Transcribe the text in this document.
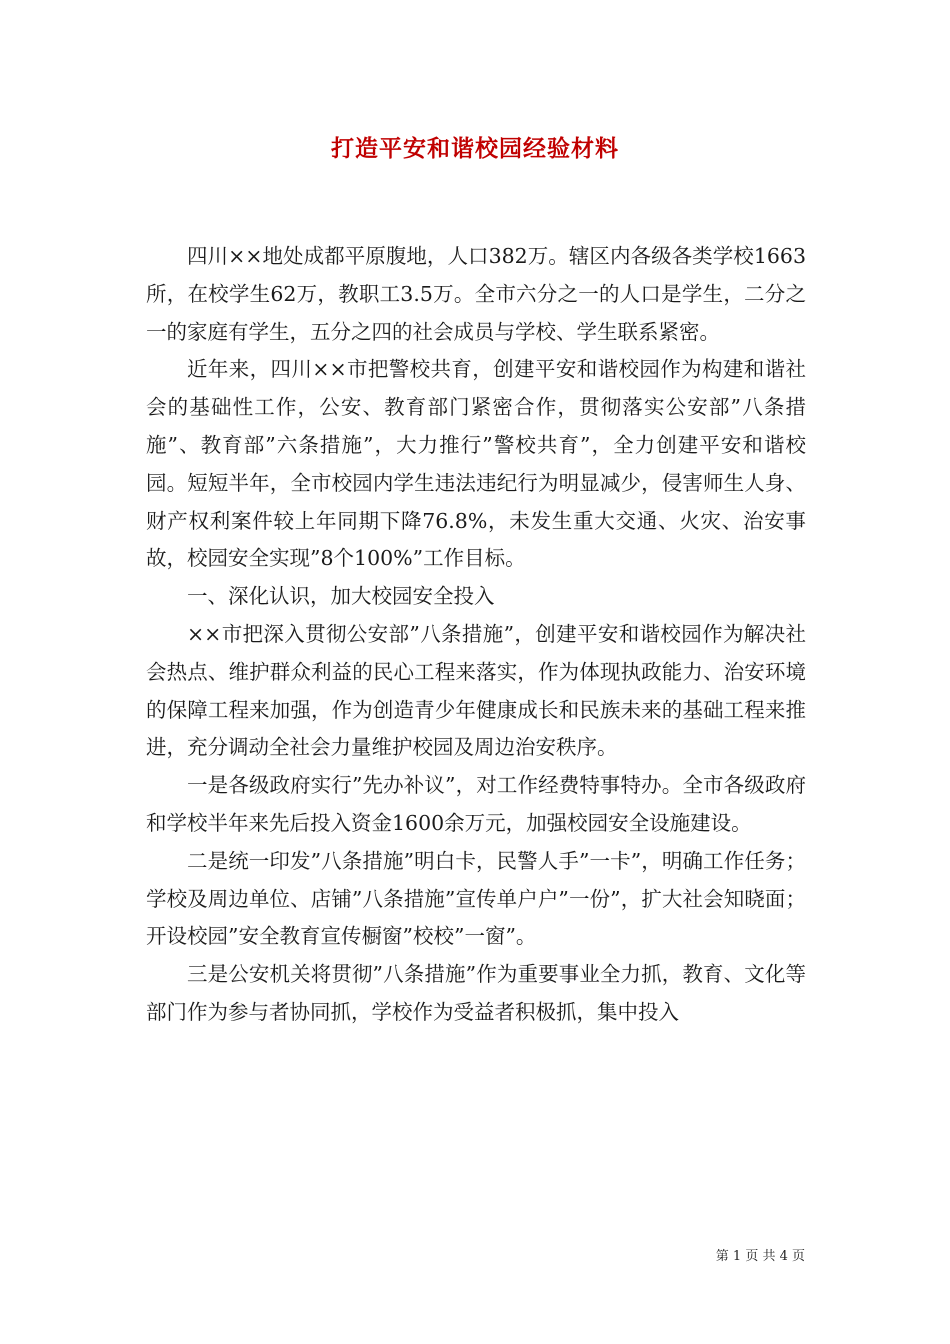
打造平安和谐校园经验材料

四川××地处成都平原腹地，人口382万。辖区内各级各类学校1663所，在校学生62万，教职工3.5万。全市六分之一的人口是学生，二分之一的家庭有学生，五分之四的社会成员与学校、学生联系紧密。

近年来，四川××市把警校共育，创建平安和谐校园作为构建和谐社会的基础性工作，公安、教育部门紧密合作，贯彻落实公安部”八条措施”、教育部”六条措施”，大力推行”警校共育”，全力创建平安和谐校园。短短半年，全市校园内学生违法违纪行为明显减少，侵害师生人身、财产权利案件较上年同期下降76.8%，未发生重大交通、火灾、治安事故，校园安全实现”8个100%”工作目标。

一、深化认识，加大校园安全投入

××市把深入贯彻公安部”八条措施”，创建平安和谐校园作为解决社会热点、维护群众利益的民心工程来落实，作为体现执政能力、治安环境的保障工程来加强，作为创造青少年健康成长和民族未来的基础工程来推进，充分调动全社会力量维护校园及周边治安秩序。

一是各级政府实行”先办补议”，对工作经费特事特办。全市各级政府和学校半年来先后投入资金1600余万元，加强校园安全设施建设。

二是统一印发”八条措施”明白卡，民警人手”一卡”，明确工作任务；学校及周边单位、店铺”八条措施”宣传单户户”一份”，扩大社会知晓面；开设校园”安全教育宣传橱窗”校校”一窗”。

三是公安机关将贯彻”八条措施”作为重要事业全力抓，教育、文化等部门作为参与者协同抓，学校作为受益者积极抓，集中投入

第 1 页 共 4 页
